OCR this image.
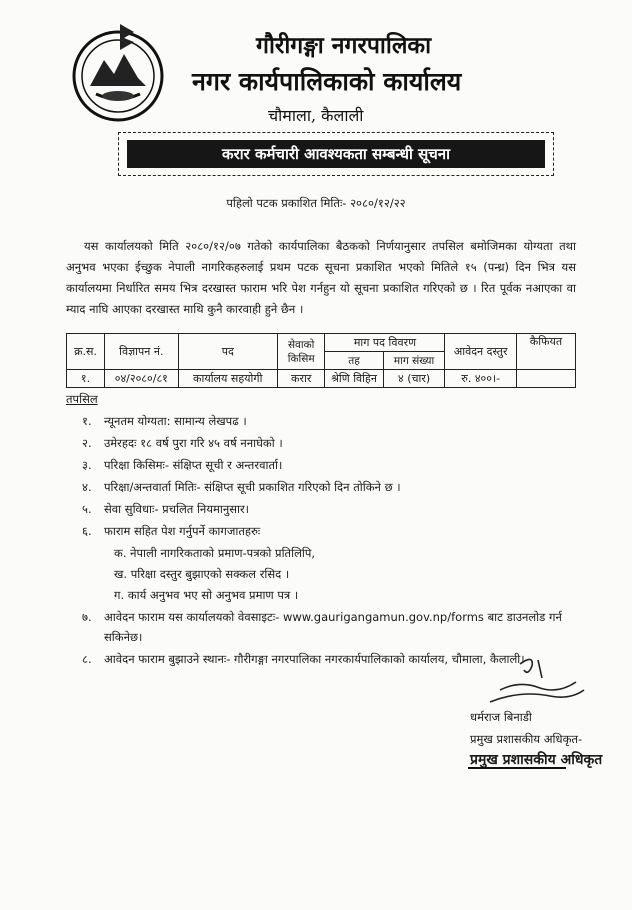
गौरीगङ्गा नगरपालिका
नगर कार्यपालिकाको कार्यालय
चौमाला, कैलाली
करार कर्मचारी आवश्यकता सम्बन्धी सूचना
पहिलो पटक प्रकाशित मितिः- २०८०/१२/२२
यस कार्यालयको मिति २०८०/१२/०७ गतेको कार्यपालिका बैठकको निर्णयानुसार तपसिल बमोजिमका योग्यता तथा अनुभव भएका ईच्छुक नेपाली नागरिकहरुलाई प्रथम पटक सूचना प्रकाशित भएको मितिले १५ (पन्ध्र) दिन भित्र यस कार्यालयमा निर्धारित समय भित्र दरखास्त फाराम भरि पेश गर्नहुन यो सूचना प्रकाशित गरिएको छ । रित पूर्वक नआएका वा म्याद नाघि आएका दरखास्त माथि कुनै कारवाही हुने छैन ।
क्र.स.	विज्ञापन नं.	पद	सेवाको किसिम	माग पद विवरण		आवेदन दस्तुर	कैफियत
				तह	माग संख्या		
१.	०४/२०८०/८१	कार्यालय सहयोगी	करार	श्रेणि विहिन	४ (चार)	रु. ४००।-	
तपसिल
१. न्यूनतम योग्यता: सामान्य लेखपढ ।
२. उमेरहदः १८ वर्ष पुरा गरि ४५ वर्ष ननाघेको ।
३. परिक्षा किसिमः- संक्षिप्त सूची र अन्तरवार्ता।
४. परिक्षा/अन्तवार्ता मितिः- संक्षिप्त सूची प्रकाशित गरिएको दिन तोकिने छ ।
५. सेवा सुविधाः- प्रचलित नियमानुसार।
६. फाराम सहित पेश गर्नुपर्ने कागजातहरुः
क. नेपाली नागरिकताको प्रमाण-पत्रको प्रतिलिपि,
ख. परिक्षा दस्तुर बुझाएको सक्कल रसिद ।
ग. कार्य अनुभव भए सो अनुभव प्रमाण पत्र ।
७. आवेदन फाराम यस कार्यालयको वेवसाइटः- www.gaurigangamun.gov.np/forms बाट डाउनलोड गर्न
सकिनेछ।
८. आवेदन फाराम बुझाउने स्थानः- गौरीगङ्गा नगरपालिका नगरकार्यपालिकाको कार्यालय, चौमाला, कैलाली।
धर्मराज बिनाडी
प्रमुख प्रशासकीय अधिकृत-
प्रमुख प्रशासकीय अधिकृत
